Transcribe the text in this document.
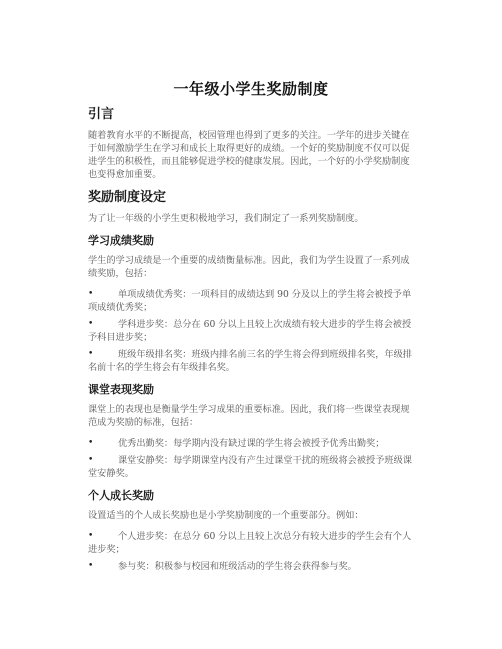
一年级小学生奖励制度
引言

随着教育水平的不断提高，校园管理也得到了更多的关注。一学年的进步关键在于如何激励学生在学习和成长上取得更好的成绩。一个好的奖励制度不仅可以促进学生的积极性，而且能够促进学校的健康发展。因此，一个好的小学奖励制度也变得愈加重要。

奖励制度设定

为了让一年级的小学生更积极地学习，我们制定了一系列奖励制度。

学习成绩奖励

学生的学习成绩是一个重要的成绩衡量标准。因此，我们为学生设置了一系列成绩奖励，包括：

•	单项成绩优秀奖：一项科目的成绩达到 90 分及以上的学生将会被授予单项成绩优秀奖；
•	学科进步奖：总分在 60 分以上且较上次成绩有较大进步的学生将会被授予科目进步奖；
•	班级年级排名奖：班级内排名前三名的学生将会得到班级排名奖，年级排名前十名的学生将会有年级排名奖。
课堂表现奖励

课堂上的表现也是衡量学生学习成果的重要标准。因此，我们将一些课堂表现规范成为奖励的标准，包括：

•	优秀出勤奖：每学期内没有缺过课的学生将会被授予优秀出勤奖；
•	课堂安静奖：每学期课堂内没有产生过课堂干扰的班级将会被授予班级课堂安静奖。
个人成长奖励

设置适当的个人成长奖励也是小学奖励制度的一个重要部分。例如：

•	个人进步奖：在总分 60 分以上且较上次总分有较大进步的学生会有个人进步奖；
•	参与奖：积极参与校园和班级活动的学生将会获得参与奖。
